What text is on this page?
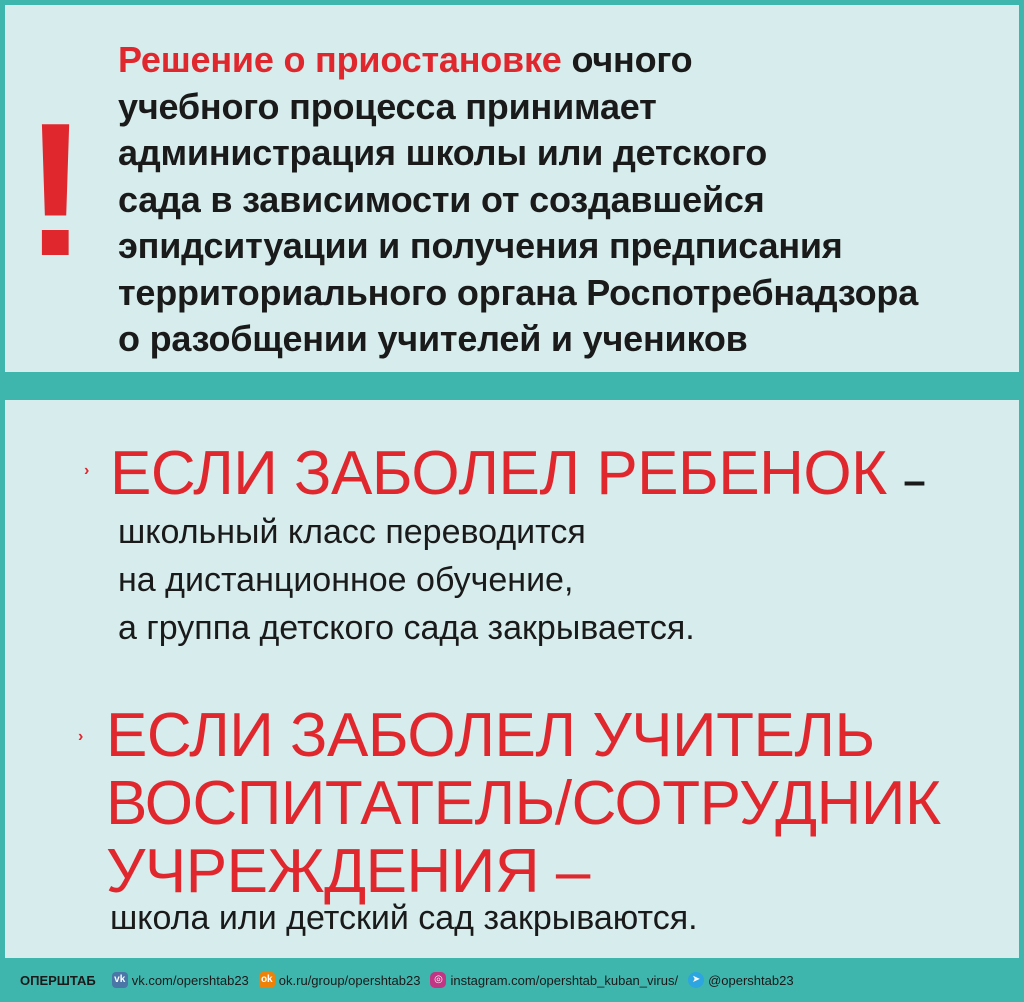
!
Решение о приостановке очного
учебного процесса принимает
администрация школы или детского
сада в зависимости от создавшейся
эпидситуации и получения предписания
территориального органа Роспотребнадзора
о разобщении учителей и учеников
› ЕСЛИ ЗАБОЛЕЛ РЕБЕНОК –
школьный класс переводится
на дистанционное обучение,
а группа детского сада закрывается.
› ЕСЛИ ЗАБОЛЕЛ УЧИТЕЛЬ
ВОСПИТАТЕЛЬ/СОТРУДНИК
УЧРЕЖДЕНИЯ –
школа или детский сад закрываются.
ОПЕРШТАБ vk vk.com/opershtab23 ok ok.ru/group/opershtab23	◎ instagram.com/opershtab_kuban_virus/	➤ @opershtab23
